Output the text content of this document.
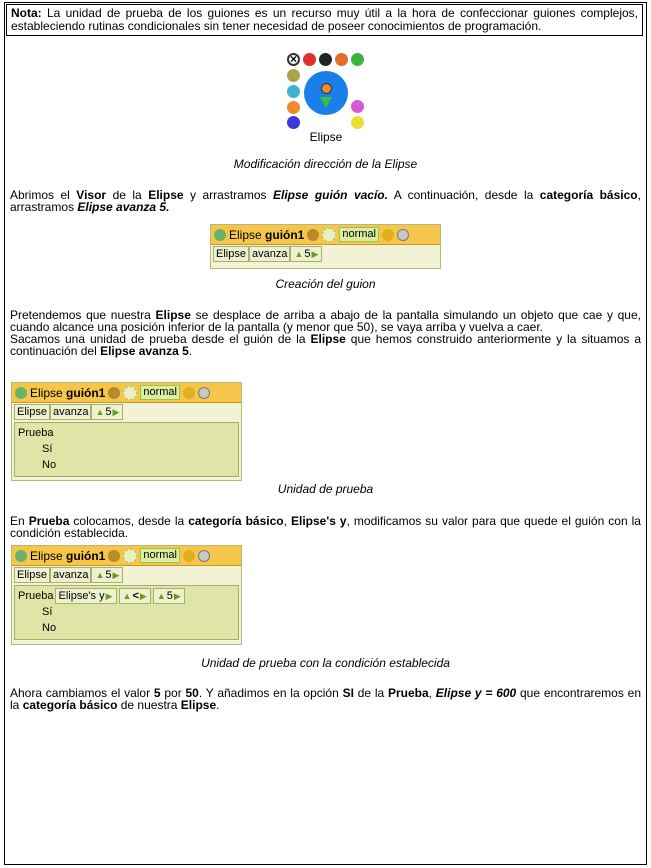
Nota: La unidad de prueba de los guiones es un recurso muy útil a la hora de confeccionar guiones complejos, estableciendo rutinas condicionales sin tener necesidad de poseer conocimientos de programación.
×
Elipse
Modificación dirección de la Elipse
Abrimos el Visor de la Elipse y arrastramos Elipse guión vacío. A continuación, desde la categoría básico, arrastramos Elipse avanza 5.
Elipse guión1	normal
Elipse avanza ▲5▶
Creación del guion
Pretendemos que nuestra Elipse se desplace de arriba a abajo de la pantalla simulando un objeto que cae y que, cuando alcance una posición inferior de la pantalla (y menor que 50), se vaya arriba y vuelva a caer.
Sacamos una unidad de prueba desde el guión de la Elipse que hemos construido anteriormente y la situamos a continuación del Elipse avanza 5.
Elipse guión1	normal
Elipse avanza ▲5▶
Prueba
Sí
No
Unidad de prueba
En Prueba colocamos, desde la categoría básico, Elipse's y, modificamos su valor para que quede el guión con la condición establecida.
Elipse guión1	normal
Elipse avanza ▲5▶
Prueba Elipse's y▶	▲<▶	▲5▶
Sí
No
Unidad de prueba con la condición establecida
Ahora cambiamos el valor 5 por 50. Y añadimos en la opción SI de la Prueba, Elipse y = 600 que encontraremos en la categoría básico de nuestra Elipse.
